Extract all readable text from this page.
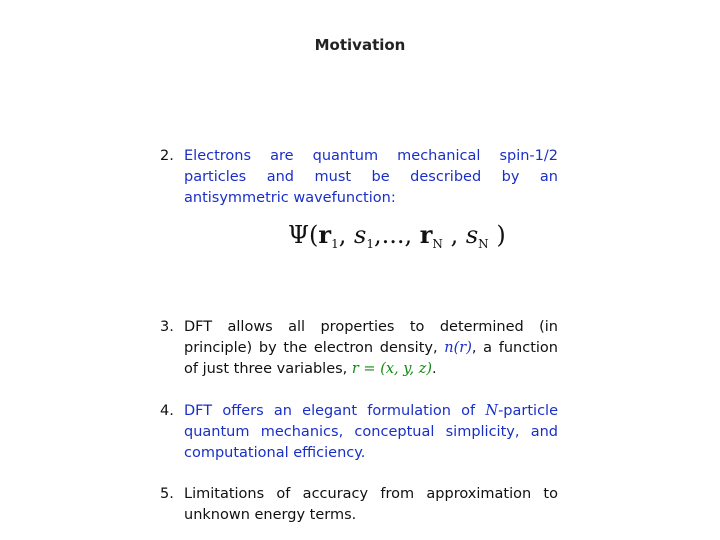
Motivation
2. Electrons are quantum mechanical spin-1/2 particles and must be described by an antisymmetric wavefunction:
$\Psi(r_1$, $s_1$,..., $r_N$ , $s_N$ )
3. DFT allows all properties to determined (in principle) by the electron density, n(r), a function of just three variables, r = (x, y, z).
4. DFT offers an elegant formulation of N-particle quantum mechanics, conceptual simplicity, and computational efficiency.
5. Limitations of accuracy from approximation to unknown energy terms.
